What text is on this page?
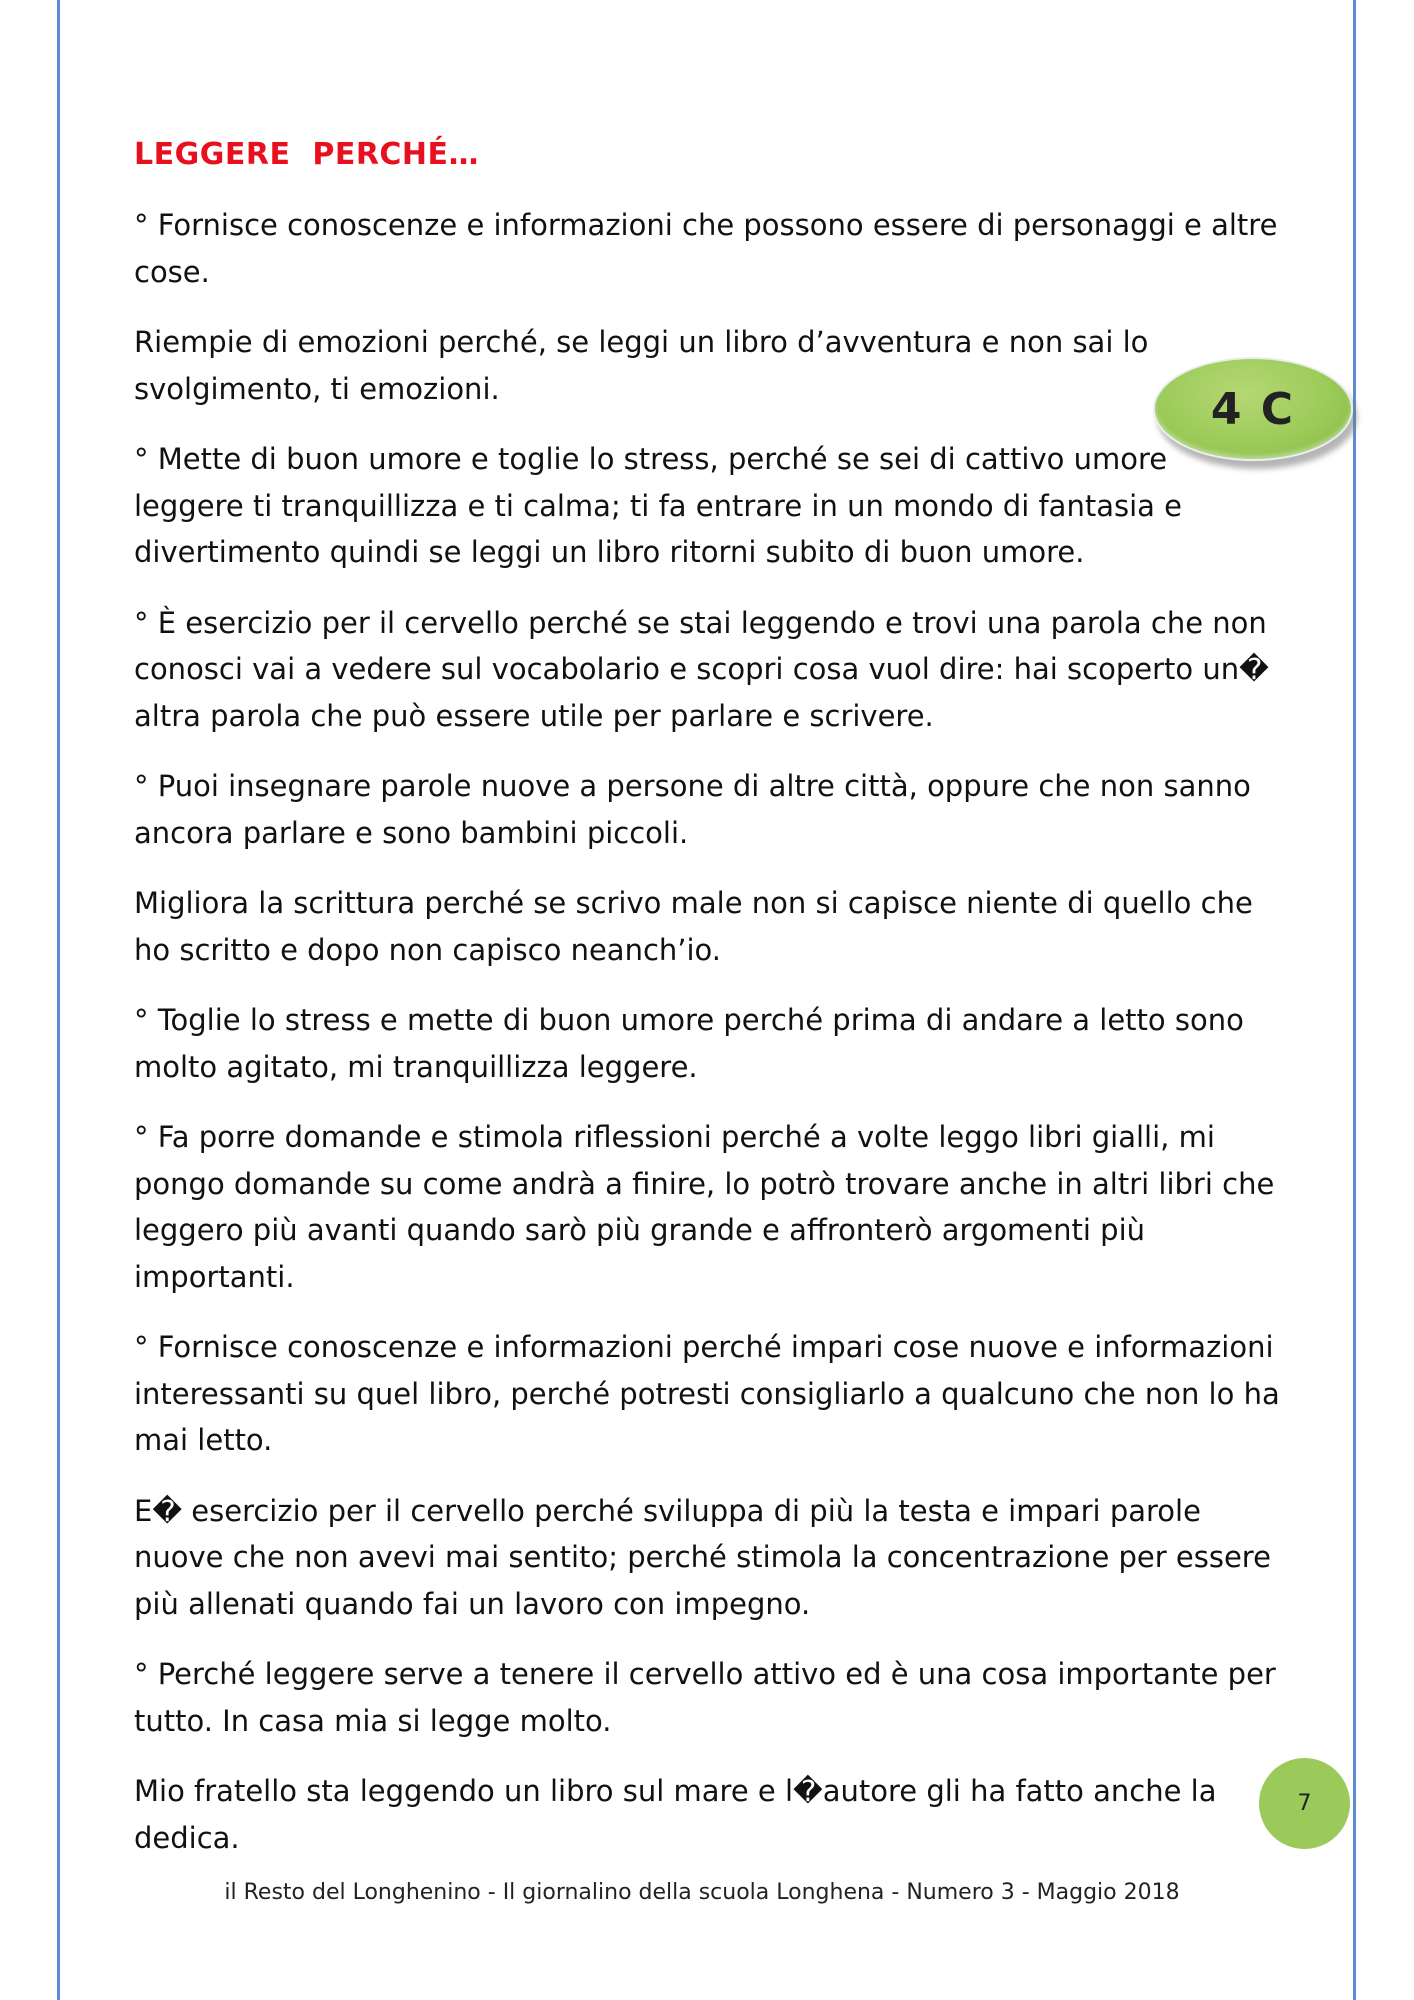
LEGGERE  PERCHÉ…

° Fornisce conoscenze e informazioni che possono essere di personaggi e altre cose.

Riempie di emozioni perché, se leggi un libro d’avventura e non sai lo svolgimento, ti emozioni.

° Mette di buon umore e toglie lo stress, perché se sei di cattivo umore leggere ti tranquillizza e ti calma; ti fa entrare in un mondo di fantasia e divertimento quindi se leggi un libro ritorni subito di buon umore.

° È esercizio per il cervello perché se stai leggendo e trovi una parola che non conosci vai a vedere sul vocabolario e scopri cosa vuol dire: hai scoperto un� altra parola che può essere utile per parlare e scrivere.

° Puoi insegnare parole nuove a persone di altre città, oppure che non sanno ancora parlare e sono bambini piccoli.

Migliora la scrittura perché se scrivo male non si capisce niente di quello che ho scritto e dopo non capisco neanch’io.

° Toglie lo stress e mette di buon umore perché prima di andare a letto sono molto agitato, mi tranquillizza leggere.

° Fa porre domande e stimola riflessioni perché a volte leggo libri gialli, mi pongo domande su come andrà a finire, lo potrò trovare anche in altri libri che leggero più avanti quando sarò più grande e affronterò argomenti più importanti.

° Fornisce conoscenze e informazioni perché impari cose nuove e informazioni interessanti su quel libro, perché potresti consigliarlo a qualcuno che non lo ha mai letto.

E� esercizio per il cervello perché sviluppa di più la testa e impari parole nuove che non avevi mai sentito; perché stimola la concentrazione per essere più allenati quando fai un lavoro con impegno.

° Perché leggere serve a tenere il cervello attivo ed è una cosa importante per tutto. In casa mia si legge molto.

Mio fratello sta leggendo un libro sul mare e l�autore gli ha fatto anche la dedica.

4 C
7
il Resto del Longhenino - Il giornalino della scuola Longhena - Numero 3 - Maggio 2018
